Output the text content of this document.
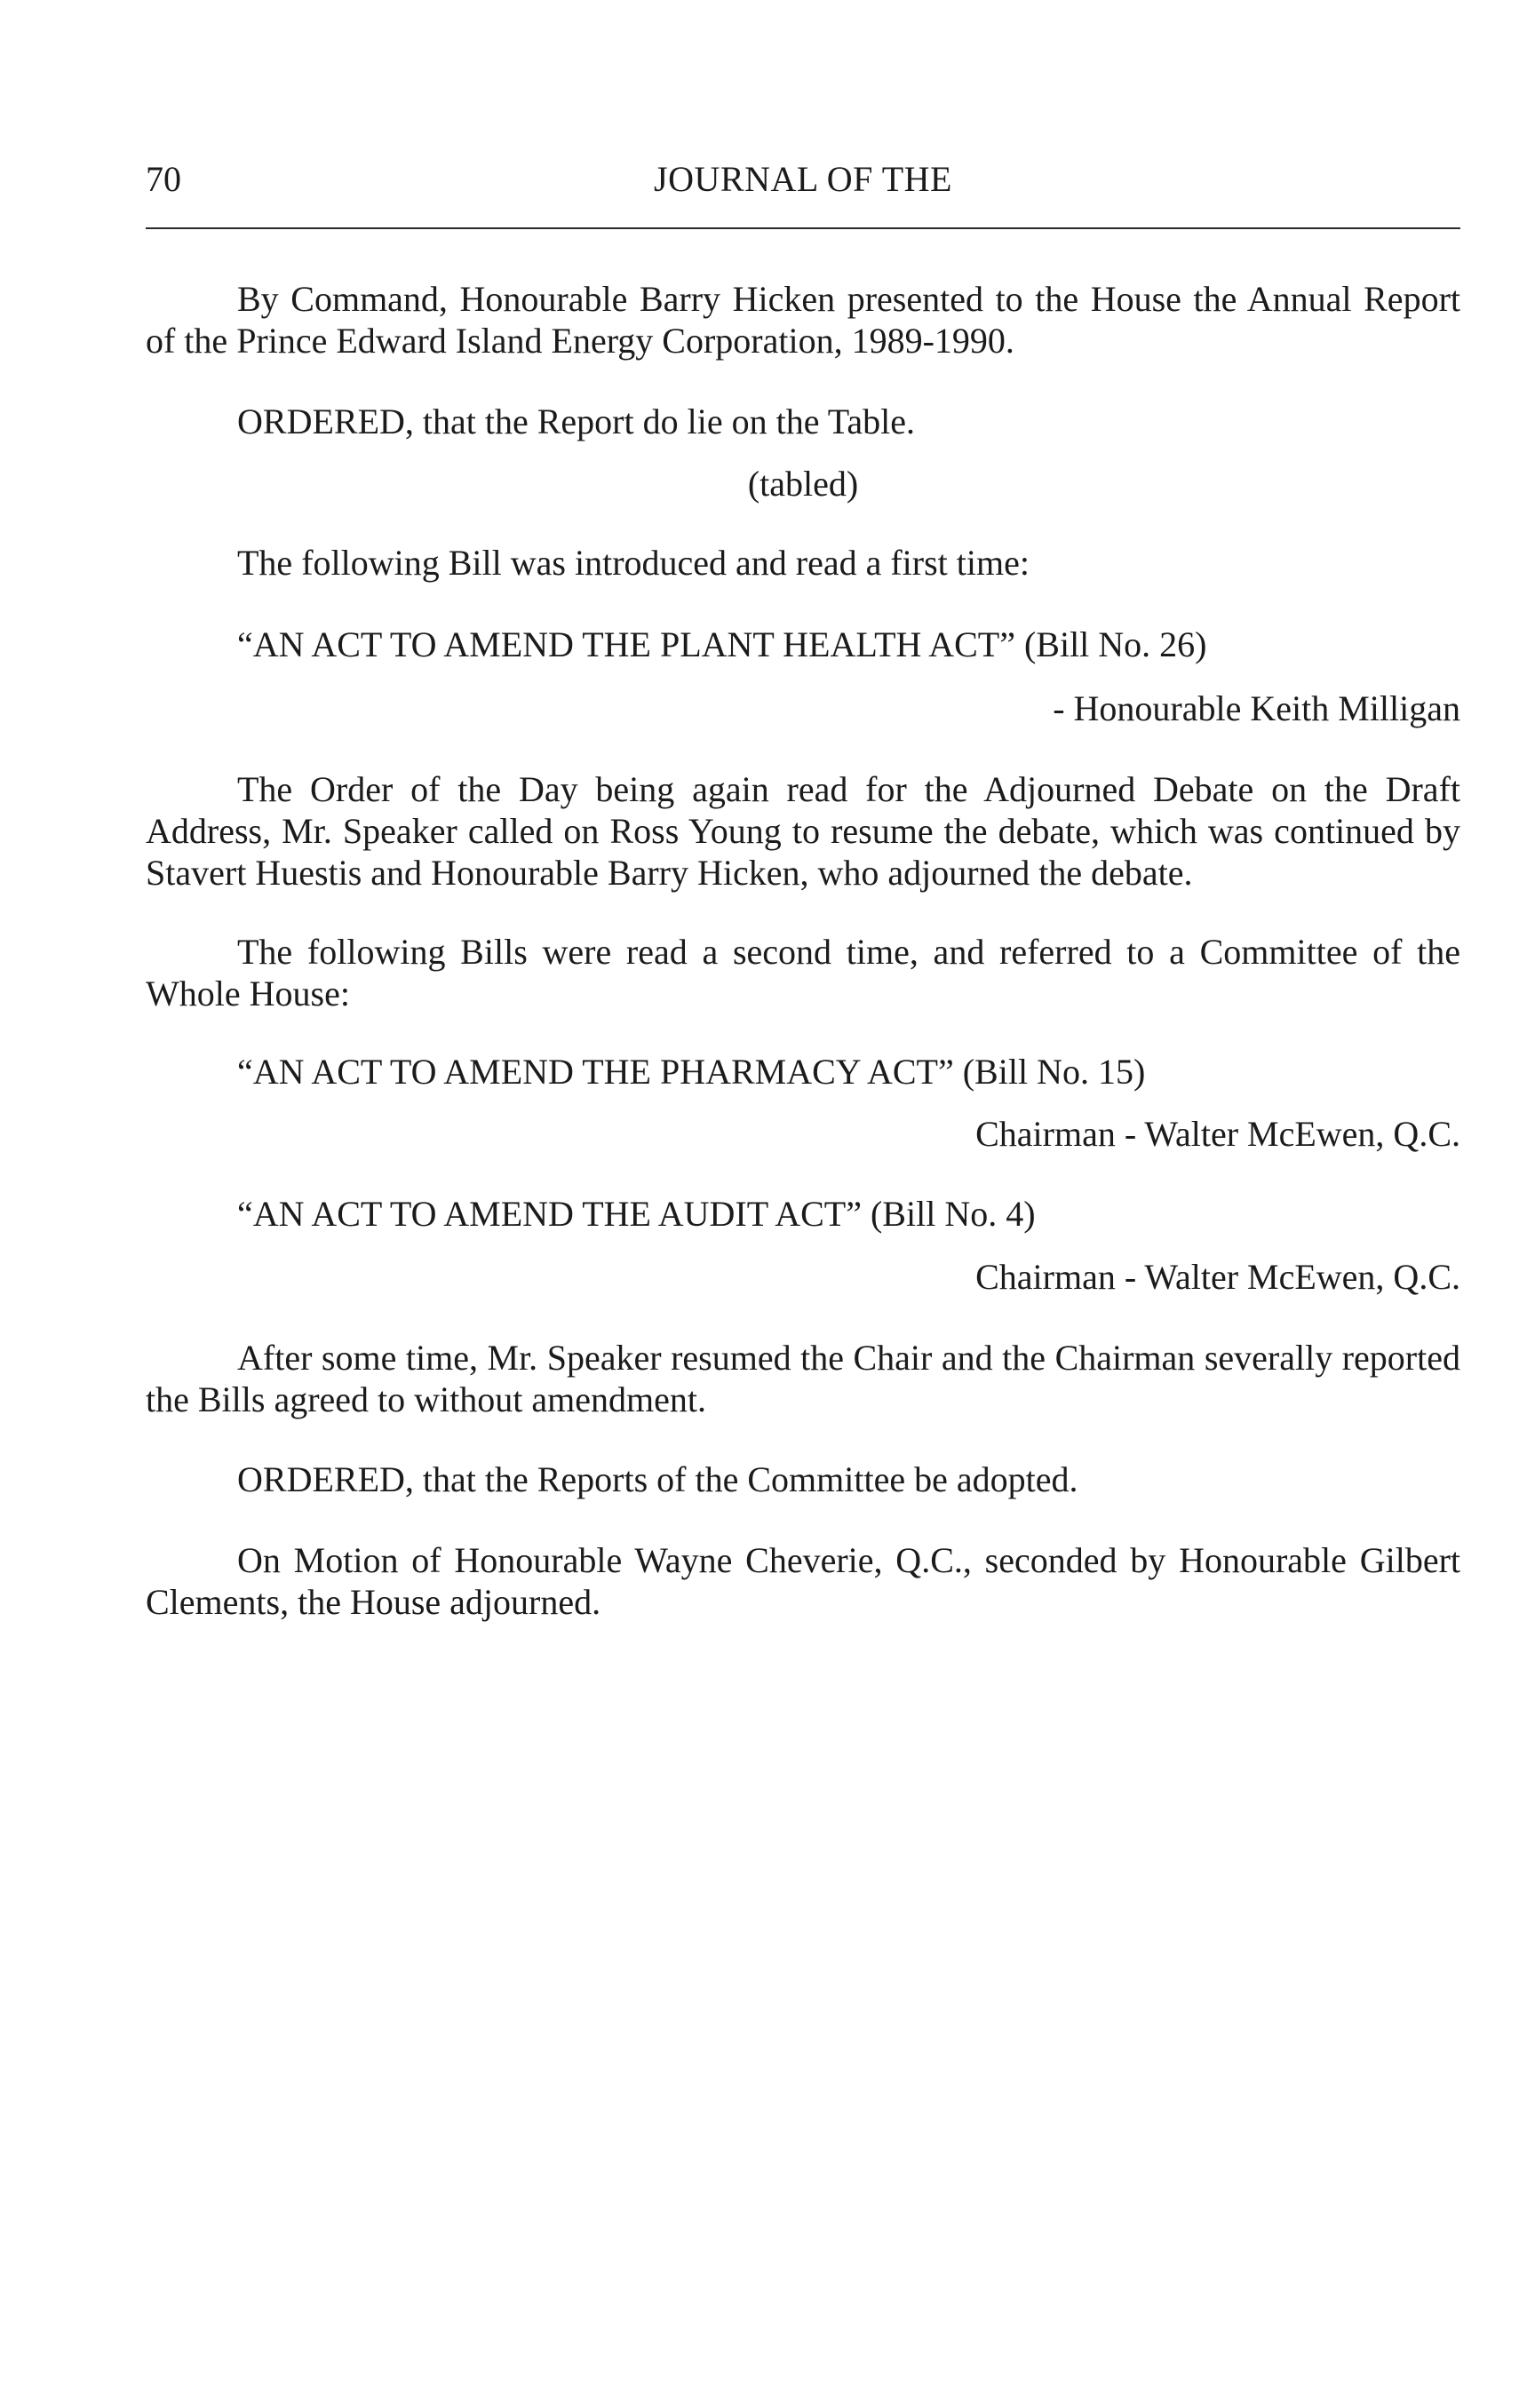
70	JOURNAL OF THE

By Command, Honourable Barry Hicken presented to the House the Annual Report of the Prince Edward Island Energy Corporation, 1989-1990.

ORDERED, that the Report do lie on the Table.

(tabled)

The following Bill was introduced and read a first time:

“AN ACT TO AMEND THE PLANT HEALTH ACT” (Bill No. 26)

- Honourable Keith Milligan

The Order of the Day being again read for the Adjourned Debate on the Draft Address, Mr. Speaker called on Ross Young to resume the debate, which was continued by Stavert Huestis and Honourable Barry Hicken, who adjourned the debate.

The following Bills were read a second time, and referred to a Committee of the Whole House:

“AN ACT TO AMEND THE PHARMACY ACT” (Bill No. 15)

Chairman - Walter McEwen, Q.C.

“AN ACT TO AMEND THE AUDIT ACT” (Bill No. 4)

Chairman - Walter McEwen, Q.C.

After some time, Mr. Speaker resumed the Chair and the Chairman severally reported the Bills agreed to without amendment.

ORDERED, that the Reports of the Committee be adopted.

On Motion of Honourable Wayne Cheverie, Q.C., seconded by Honourable Gilbert Clements, the House adjourned.
